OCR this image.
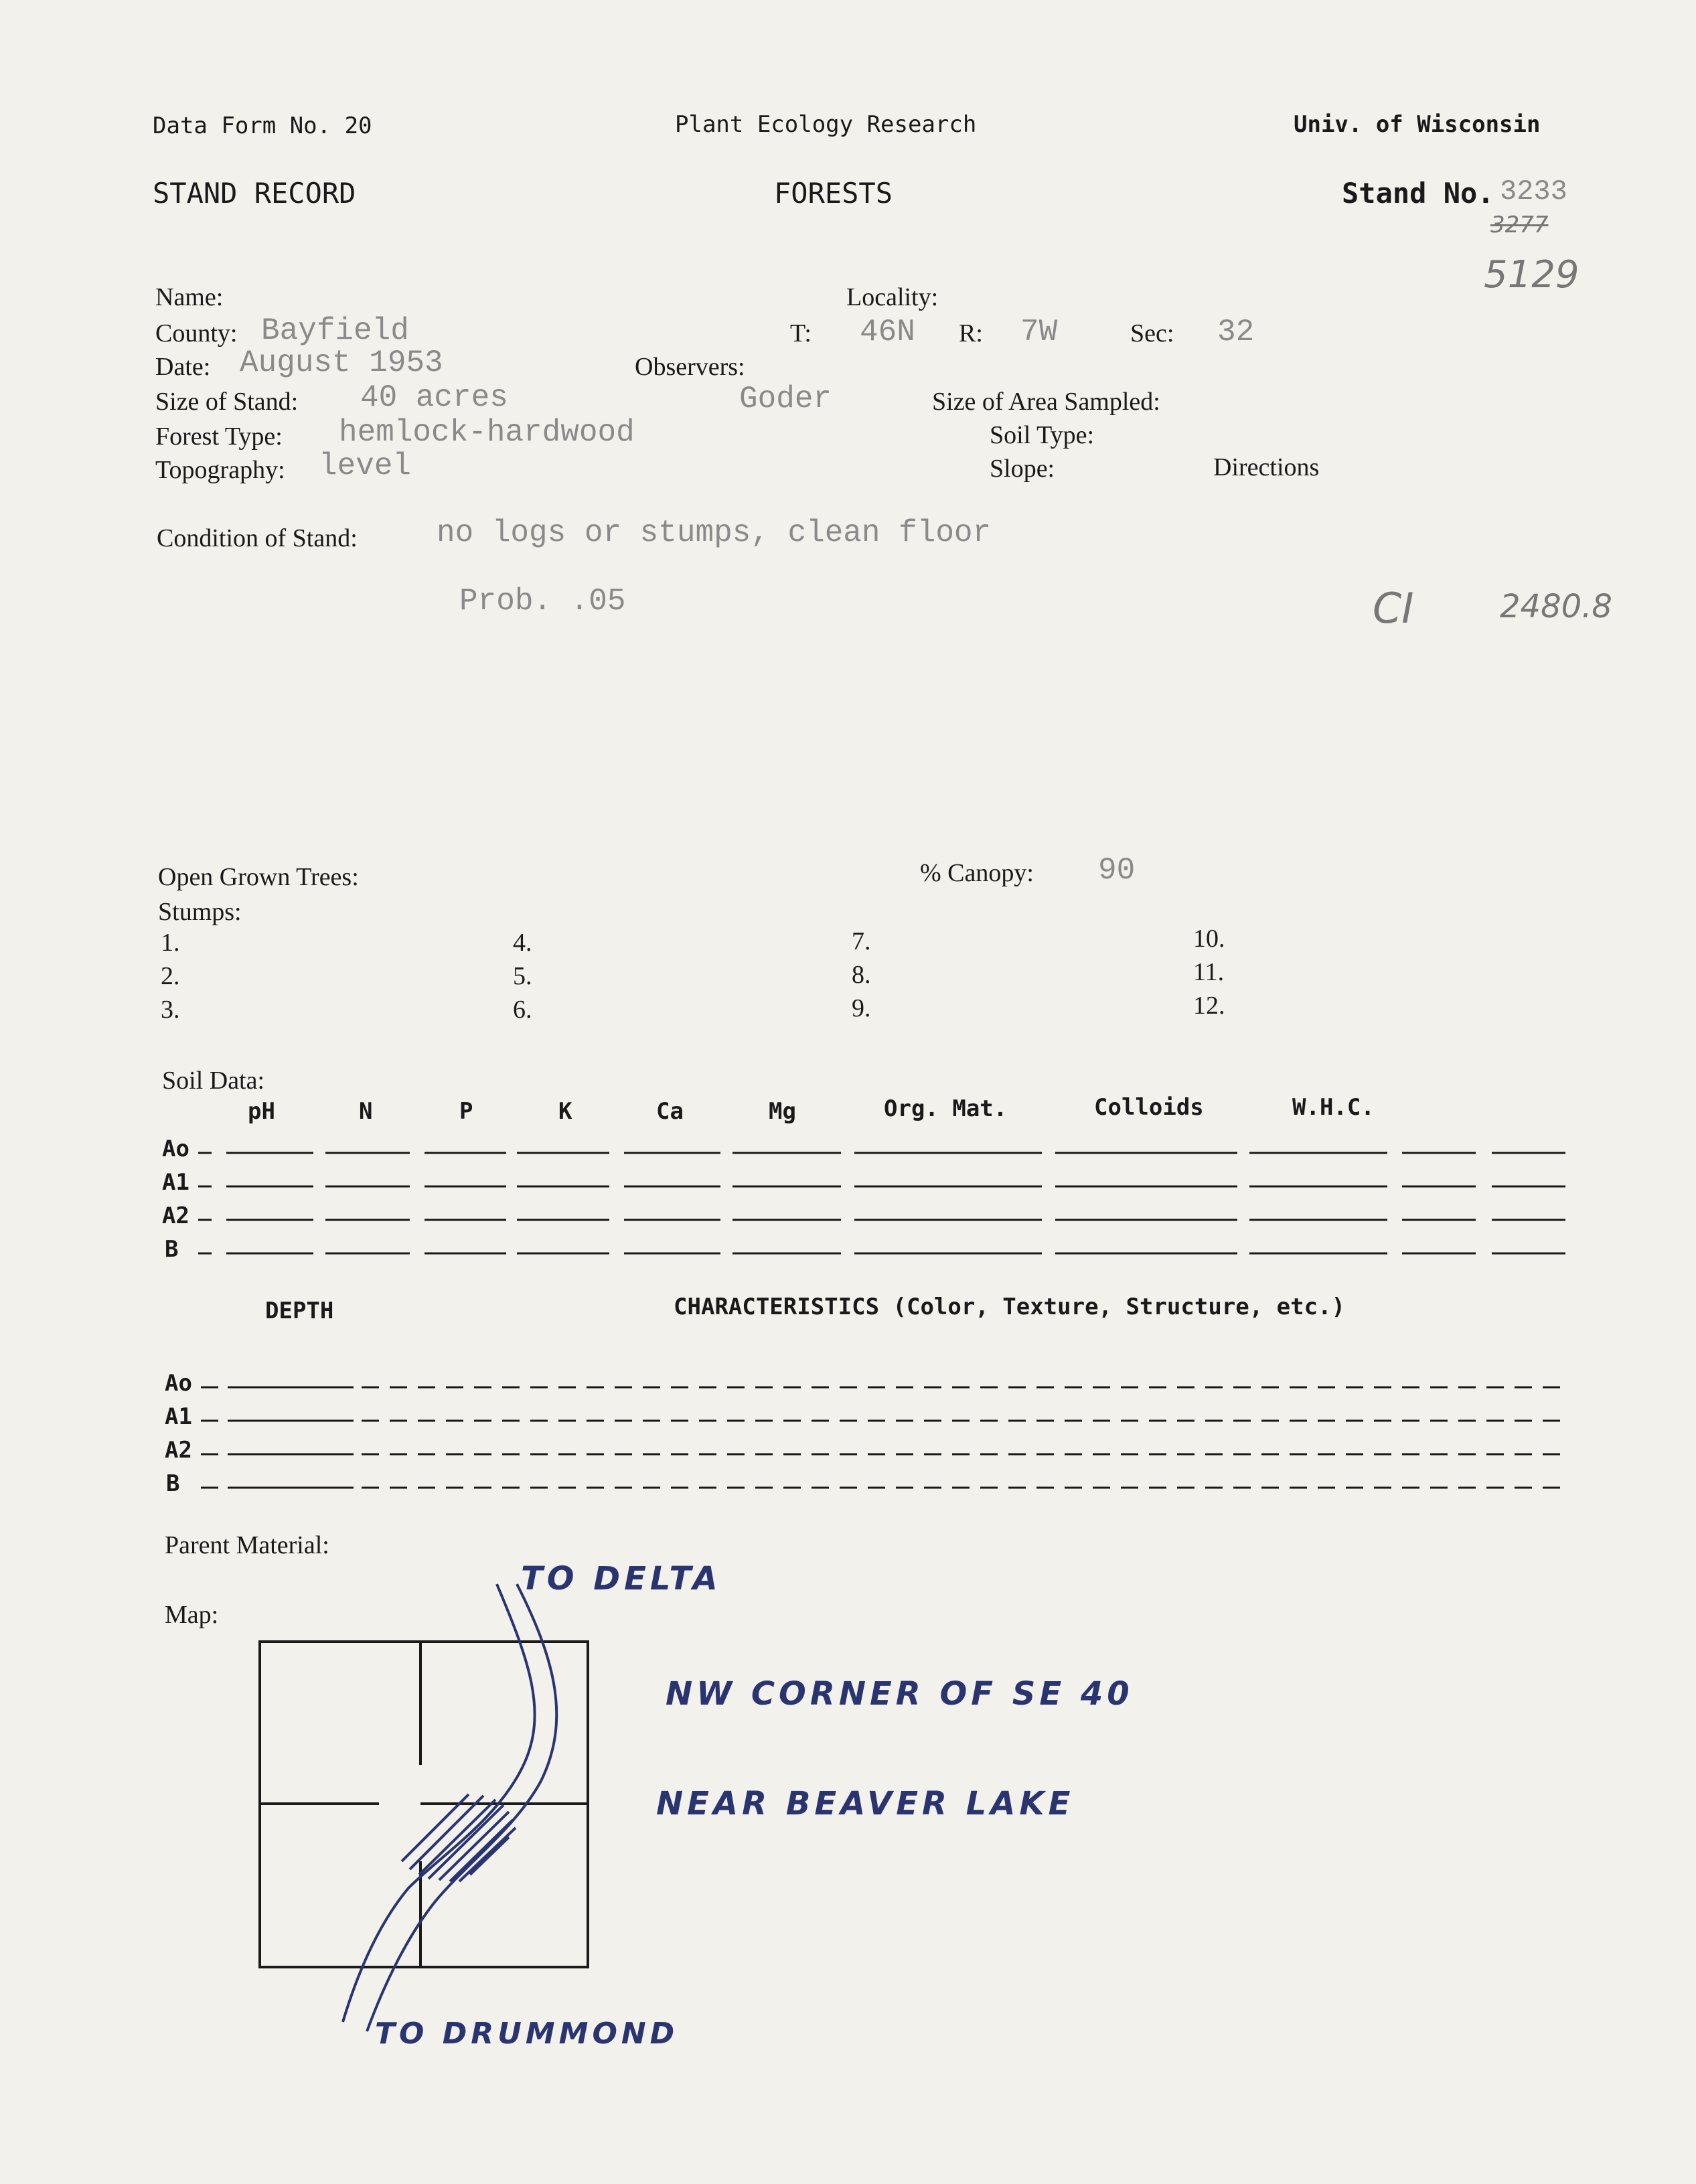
Data Form No. 20	Plant Ecology Research	Univ. of Wisconsin
STAND RECORD	FORESTS	Stand No. 3233
3277
5129
Name:	Locality:
County: Bayfield	T: 46N R: 7W	Sec: 32
Date: August 1953	Observers:
Size of Stand: 40 acres	Goder	Size of Area Sampled:
Forest Type: hemlock-hardwood	Soil Type:
Topography: level	Slope:	Directions
Condition of Stand:	no logs or stumps, clean floor
Prob. .05	CI	2480.8
Open Grown Trees:	% Canopy: 90
Stumps:
1.
2.
3.
4.
5.
6.
7.
8.
9.
10.
11.
12.
Soil Data:
pH	N	P	K	Ca	Mg	Org. Mat.	Colloids	W.H.C.
Ao
A1
A2
B
DEPTH	CHARACTERISTICS (Color, Texture, Structure, etc.)
Ao
A1
A2
B
Parent Material:
Map:
TO DELTA
NW CORNER OF SE 40
NEAR BEAVER LAKE
TO DRUMMOND
